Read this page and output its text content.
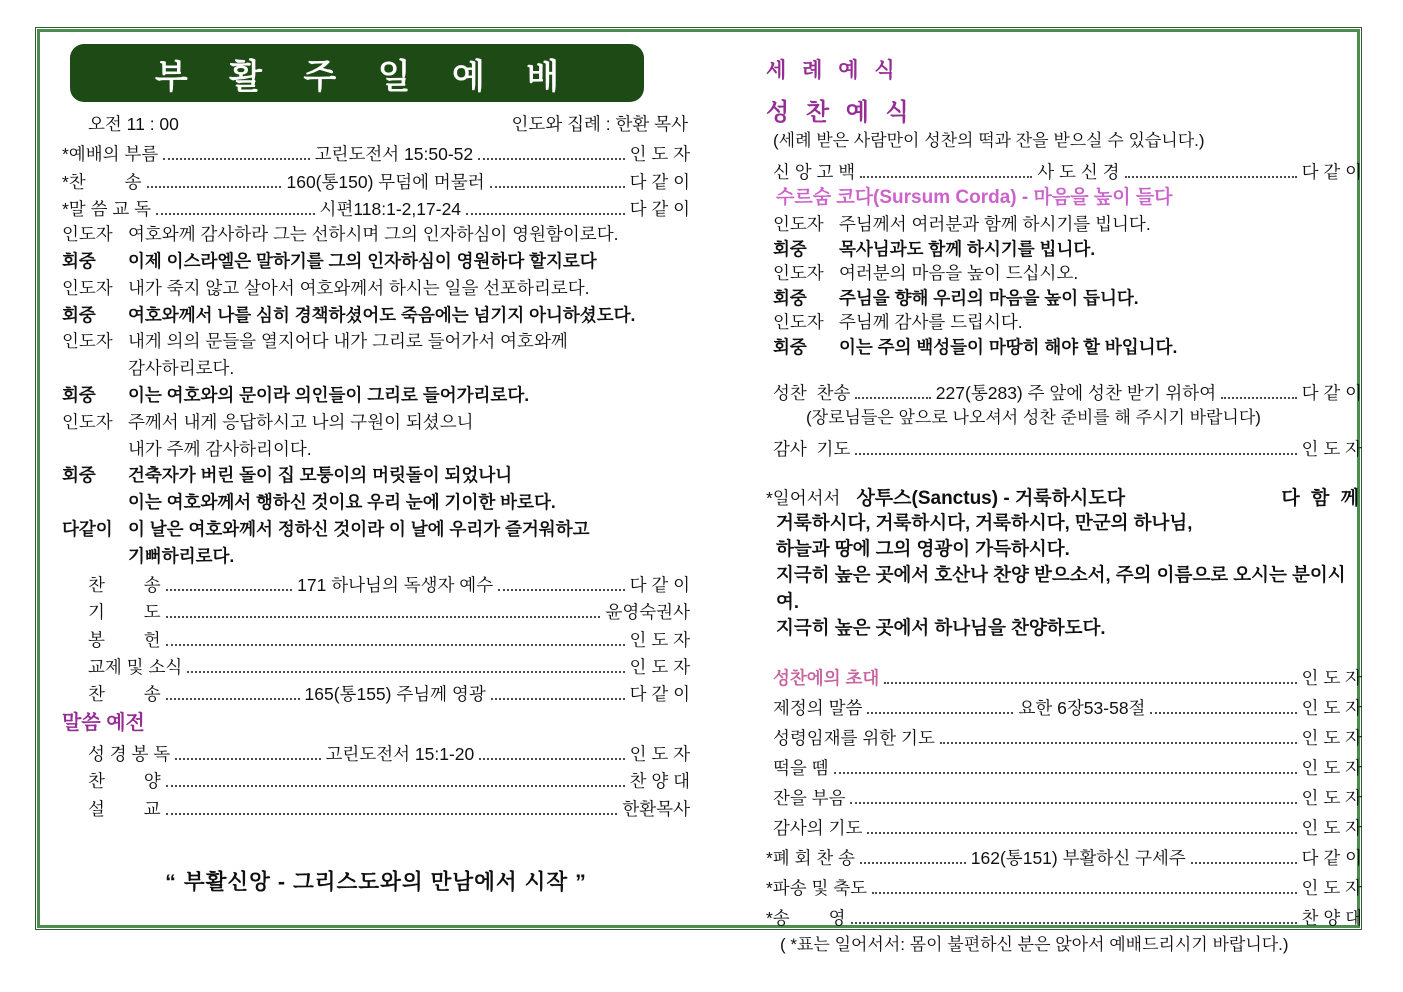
부 활 주 일 예 배
오전 11 : 00	인도와 집례 : 한환 목사
*예배의 부름	고린도전서 15:50-52	인 도 자
*찬        송	160(통150) 무덤에 머물러	다 같 이
*말 씀 교 독	시편118:1-2,17-24	다 같 이
인도자 여호와께 감사하라 그는 선하시며 그의 인자하심이 영원함이로다.
회중	이제 이스라엘은 말하기를 그의 인자하심이 영원하다 할지로다
인도자 내가 죽지 않고 살아서 여호와께서 하시는 일을 선포하리로다.
회중	여호와께서 나를 심히 경책하셨어도 죽음에는 넘기지 아니하셨도다.
인도자 내게 의의 문들을 열지어다 내가 그리로 들어가서 여호와께
감사하리로다.
회중	이는 여호와의 문이라 의인들이 그리로 들어가리로다.
인도자 주께서 내게 응답하시고 나의 구원이 되셨으니
내가 주께 감사하리이다.
회중	건축자가 버린 돌이 집 모퉁이의 머릿돌이 되었나니
이는 여호와께서 행하신 것이요 우리 눈에 기이한 바로다.
다같이 이 날은 여호와께서 정하신 것이라 이 날에 우리가 즐거워하고
기뻐하리로다.
찬        송	171 하나님의 독생자 예수	다 같 이
기        도	윤영숙권사
봉        헌	인 도 자
교제 및 소식	인 도 자
찬        송	165(통155) 주님께 영광	다 같 이
말씀 예전
성 경 봉 독	고린도전서 15:1-20	인 도 자
찬        양	찬 양 대
설        교	한환목사
“ 부활신앙 - 그리스도와의 만남에서 시작 ”
세 례 예 식
성 찬 예 식
(세례 받은 사람만이 성찬의 떡과 잔을 받으실 수 있습니다.)
신 앙 고 백	사 도 신 경	다 같 이
수르숨 코다(Sursum Corda) - 마음을 높이 들다
인도자 주님께서 여러분과 함께 하시기를 빕니다.
회중	목사님과도 함께 하시기를 빕니다.
인도자 여러분의 마음을 높이 드십시오.
회중	주님을 향해 우리의 마음을 높이 듭니다.
인도자 주님께 감사를 드립시다.
회중	이는 주의 백성들이 마땅히 해야 할 바입니다.
성찬  찬송	227(통283) 주 앞에 성찬 받기 위하여	다 같 이
(장로님들은 앞으로 나오셔서 성찬 준비를 해 주시기 바랍니다)
감사  기도	인 도 자
*일어서서 상투스(Sanctus) - 거룩하시도다	다 함 께
거룩하시다, 거룩하시다, 거룩하시다, 만군의 하나님,
하늘과 땅에 그의 영광이 가득하시다.
지극히 높은 곳에서 호산나 찬양 받으소서, 주의 이름으로 오시는 분이시여.
지극히 높은 곳에서 하나님을 찬양하도다.
성찬에의 초대	인 도 자
제정의 말씀	요한 6장53-58절	인 도 자
성령임재를 위한 기도	인 도 자
떡을 뗌	인 도 자
잔을 부음	인 도 자
감사의 기도	인 도 자
*폐 회 찬 송	162(통151) 부활하신 구세주	다 같 이
*파송 및 축도	인 도 자
*송        영	찬 양 대
( *표는 일어서서: 몸이 불편하신 분은 앉아서 예배드리시기 바랍니다.)
